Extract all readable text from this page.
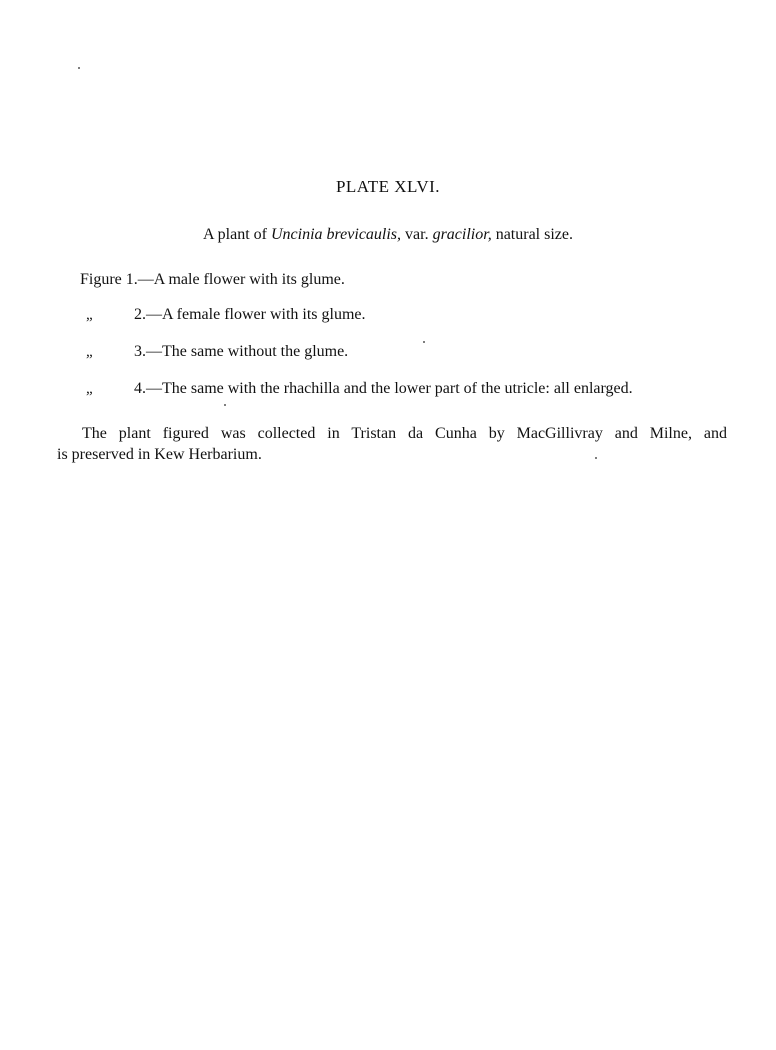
PLATE XLVI.
A plant of Uncinia brevicaulis, var. gracilior, natural size.
Figure 1.—A male flower with its glume.
„	2.—A female flower with its glume.
„	3.—The same without the glume.
„	4.—The same with the rhachilla and the lower part of the utricle: all enlarged.
The plant figured was collected in Tristan da Cunha by MacGillivray and Milne, and
is preserved in Kew Herbarium.
